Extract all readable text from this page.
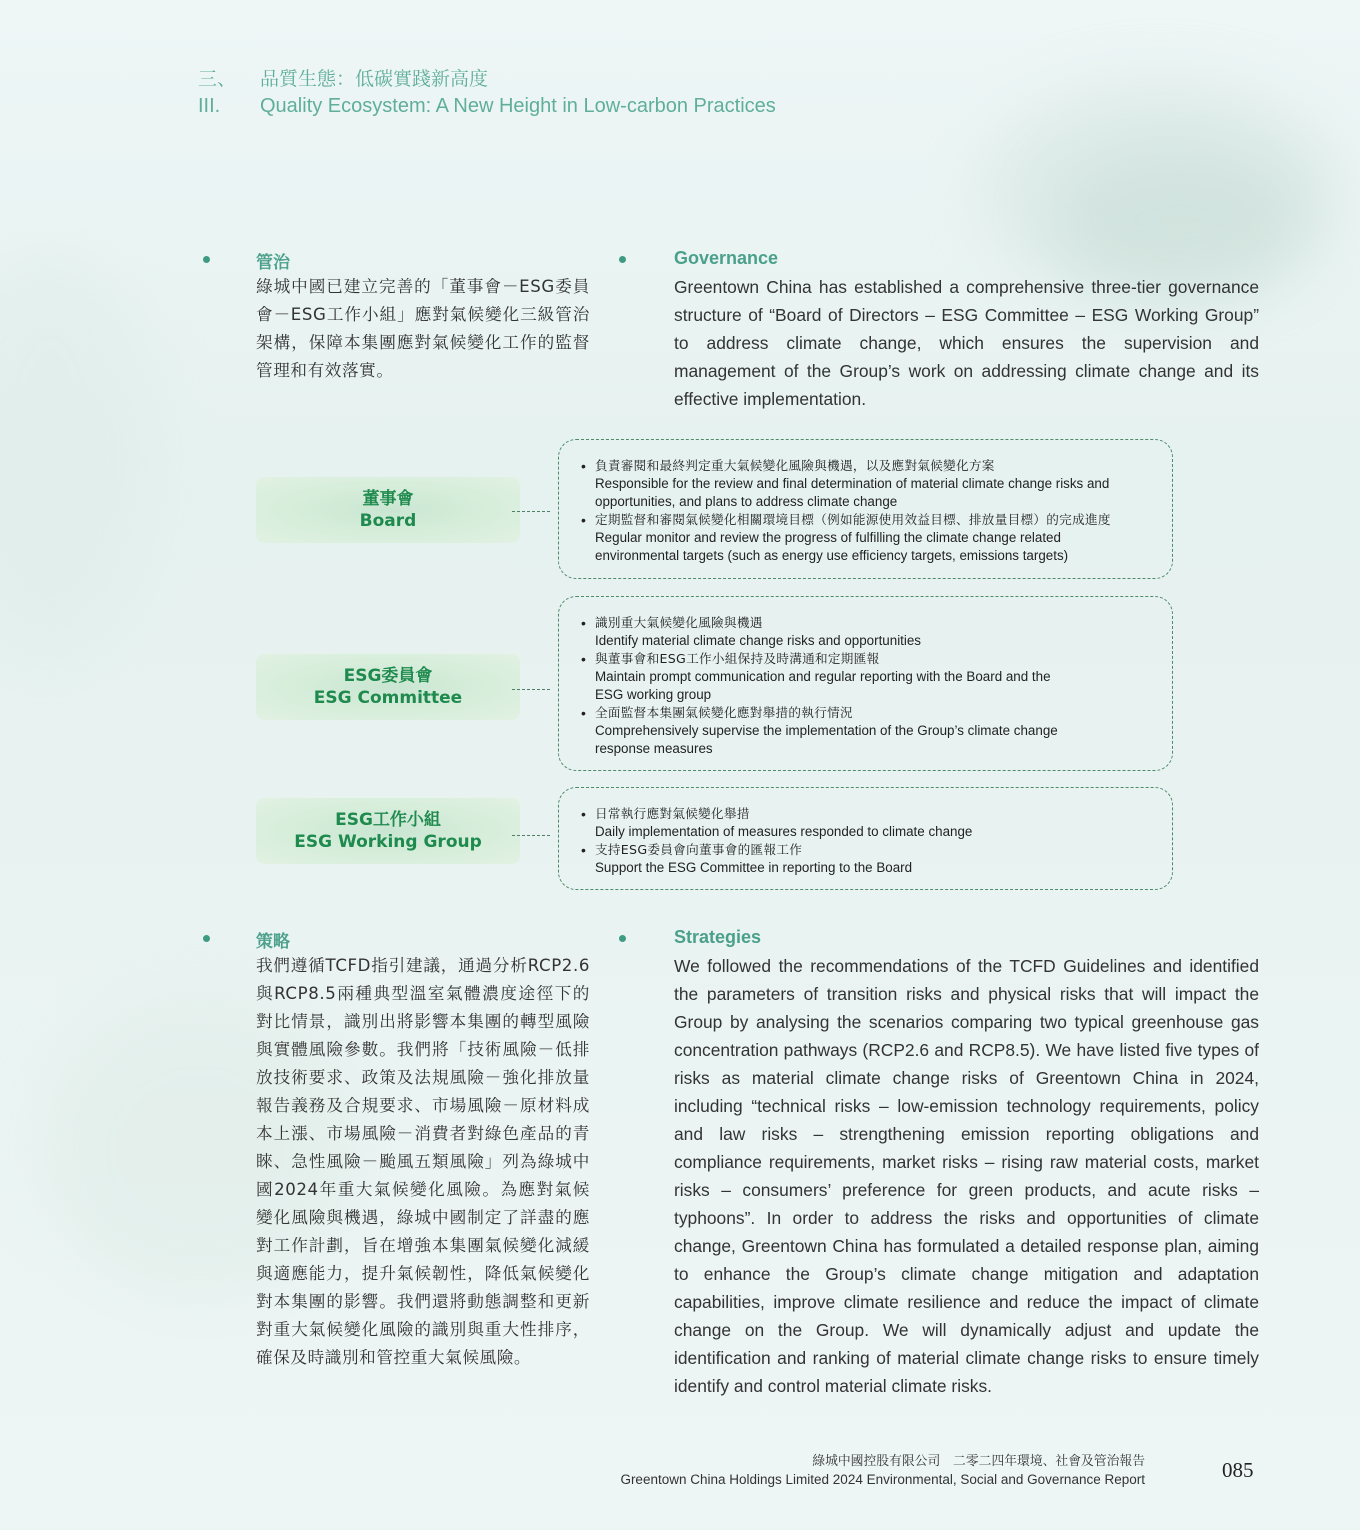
三、	品質生態：低碳實踐新高度
III.	Quality Ecosystem: A New Height in Low-carbon Practices
管治
綠城中國已建立完善的「董事會－ESG委員會－ESG工作小組」應對氣候變化三級管治架構，保障本集團應對氣候變化工作的監督管理和有效落實。
Governance
Greentown China has established a comprehensive three-tier governance structure of “Board of Directors – ESG Committee – ESG Working Group” to address climate change, which ensures the supervision and management of the Group’s work on addressing climate change and its effective implementation.
董事會
Board
• 負責審閱和最終判定重大氣候變化風險與機遇，以及應對氣候變化方案
Responsible for the review and final determination of material climate change risks and opportunities, and plans to address climate change
• 定期監督和審閱氣候變化相關環境目標（例如能源使用效益目標、排放量目標）的完成進度
Regular monitor and review the progress of fulfilling the climate change related environmental targets (such as energy use efficiency targets, emissions targets)
ESG委員會
ESG Committee
• 識別重大氣候變化風險與機遇
Identify material climate change risks and opportunities
• 與董事會和ESG工作小組保持及時溝通和定期匯報
Maintain prompt communication and regular reporting with the Board and the ESG working group
• 全面監督本集團氣候變化應對舉措的執行情況
Comprehensively supervise the implementation of the Group’s climate change response measures
ESG工作小組
ESG Working Group
• 日常執行應對氣候變化舉措
Daily implementation of measures responded to climate change
• 支持ESG委員會向董事會的匯報工作
Support the ESG Committee in reporting to the Board
策略
我們遵循TCFD指引建議，通過分析RCP2.6與RCP8.5兩種典型溫室氣體濃度途徑下的對比情景，識別出將影響本集團的轉型風險與實體風險參數。我們將「技術風險－低排放技術要求、政策及法規風險－強化排放量報告義務及合規要求、市場風險－原材料成本上漲、市場風險－消費者對綠色產品的青睞、急性風險－颱風五類風險」列為綠城中國2024年重大氣候變化風險。為應對氣候變化風險與機遇，綠城中國制定了詳盡的應對工作計劃，旨在增強本集團氣候變化減緩與適應能力，提升氣候韌性，降低氣候變化對本集團的影響。我們還將動態調整和更新對重大氣候變化風險的識別與重大性排序，確保及時識別和管控重大氣候風險。
Strategies
We followed the recommendations of the TCFD Guidelines and identified the parameters of transition risks and physical risks that will impact the Group by analysing the scenarios comparing two typical greenhouse gas concentration pathways (RCP2.6 and RCP8.5). We have listed five types of risks as material climate change risks of Greentown China in 2024, including “technical risks – low-emission technology requirements, policy and law risks – strengthening emission reporting obligations and compliance requirements, market risks – rising raw material costs, market risks – consumers’ preference for green products, and acute risks – typhoons”. In order to address the risks and opportunities of climate change, Greentown China has formulated a detailed response plan, aiming to enhance the Group’s climate change mitigation and adaptation capabilities, improve climate resilience and reduce the impact of climate change on the Group. We will dynamically adjust and update the identification and ranking of material climate change risks to ensure timely identify and control material climate risks.
綠城中國控股有限公司　二零二四年環境、社會及管治報告
Greentown China Holdings Limited 2024 Environmental, Social and Governance Report	085
